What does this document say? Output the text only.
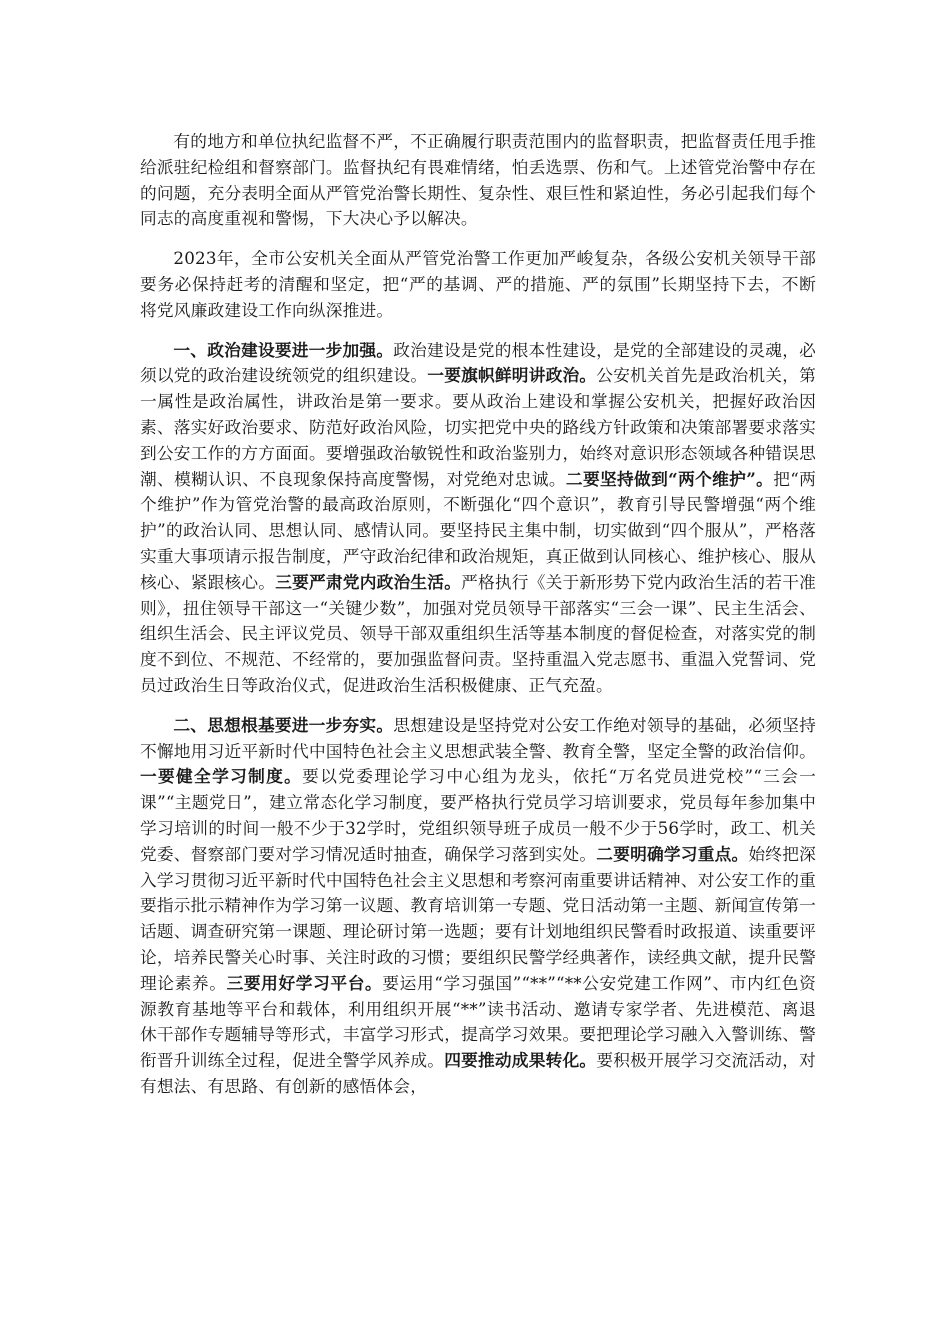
有的地方和单位执纪监督不严，不正确履行职责范围内的监督职责，把监督责任甩手推给派驻纪检组和督察部门。监督执纪有畏难情绪，怕丢选票、伤和气。上述管党治警中存在的问题，充分表明全面从严管党治警长期性、复杂性、艰巨性和紧迫性，务必引起我们每个同志的高度重视和警惕，下大决心予以解决。

2023年，全市公安机关全面从严管党治警工作更加严峻复杂，各级公安机关领导干部要务必保持赶考的清醒和坚定，把“严的基调、严的措施、严的氛围”长期坚持下去，不断将党风廉政建设工作向纵深推进。

一、政治建设要进一步加强。政治建设是党的根本性建设，是党的全部建设的灵魂，必须以党的政治建设统领党的组织建设。一要旗帜鲜明讲政治。公安机关首先是政治机关，第一属性是政治属性，讲政治是第一要求。要从政治上建设和掌握公安机关，把握好政治因素、落实好政治要求、防范好政治风险，切实把党中央的路线方针政策和决策部署要求落实到公安工作的方方面面。要增强政治敏锐性和政治鉴别力，始终对意识形态领域各种错误思潮、模糊认识、不良现象保持高度警惕，对党绝对忠诚。二要坚持做到“两个维护”。把“两个维护”作为管党治警的最高政治原则，不断强化“四个意识”，教育引导民警增强“两个维护”的政治认同、思想认同、感情认同。要坚持民主集中制，切实做到“四个服从”，严格落实重大事项请示报告制度，严守政治纪律和政治规矩，真正做到认同核心、维护核心、服从核心、紧跟核心。三要严肃党内政治生活。严格执行《关于新形势下党内政治生活的若干准则》，扭住领导干部这一“关键少数”，加强对党员领导干部落实“三会一课”、民主生活会、组织生活会、民主评议党员、领导干部双重组织生活等基本制度的督促检查，对落实党的制度不到位、不规范、不经常的，要加强监督问责。坚持重温入党志愿书、重温入党誓词、党员过政治生日等政治仪式，促进政治生活积极健康、正气充盈。

二、思想根基要进一步夯实。思想建设是坚持党对公安工作绝对领导的基础，必须坚持不懈地用习近平新时代中国特色社会主义思想武装全警、教育全警，坚定全警的政治信仰。一要健全学习制度。要以党委理论学习中心组为龙头，依托“万名党员进党校”“三会一课”“主题党日”，建立常态化学习制度，要严格执行党员学习培训要求，党员每年参加集中学习培训的时间一般不少于32学时，党组织领导班子成员一般不少于56学时，政工、机关党委、督察部门要对学习情况适时抽查，确保学习落到实处。二要明确学习重点。始终把深入学习贯彻习近平新时代中国特色社会主义思想和考察河南重要讲话精神、对公安工作的重要指示批示精神作为学习第一议题、教育培训第一专题、党日活动第一主题、新闻宣传第一话题、调查研究第一课题、理论研讨第一选题；要有计划地组织民警看时政报道、读重要评论，培养民警关心时事、关注时政的习惯；要组织民警学经典著作，读经典文献，提升民警理论素养。三要用好学习平台。要运用“学习强国”“**”“**公安党建工作网”、市内红色资源教育基地等平台和载体，利用组织开展“**”读书活动、邀请专家学者、先进模范、离退休干部作专题辅导等形式，丰富学习形式，提高学习效果。要把理论学习融入入警训练、警衔晋升训练全过程，促进全警学风养成。四要推动成果转化。要积极开展学习交流活动，对有想法、有思路、有创新的感悟体会，
